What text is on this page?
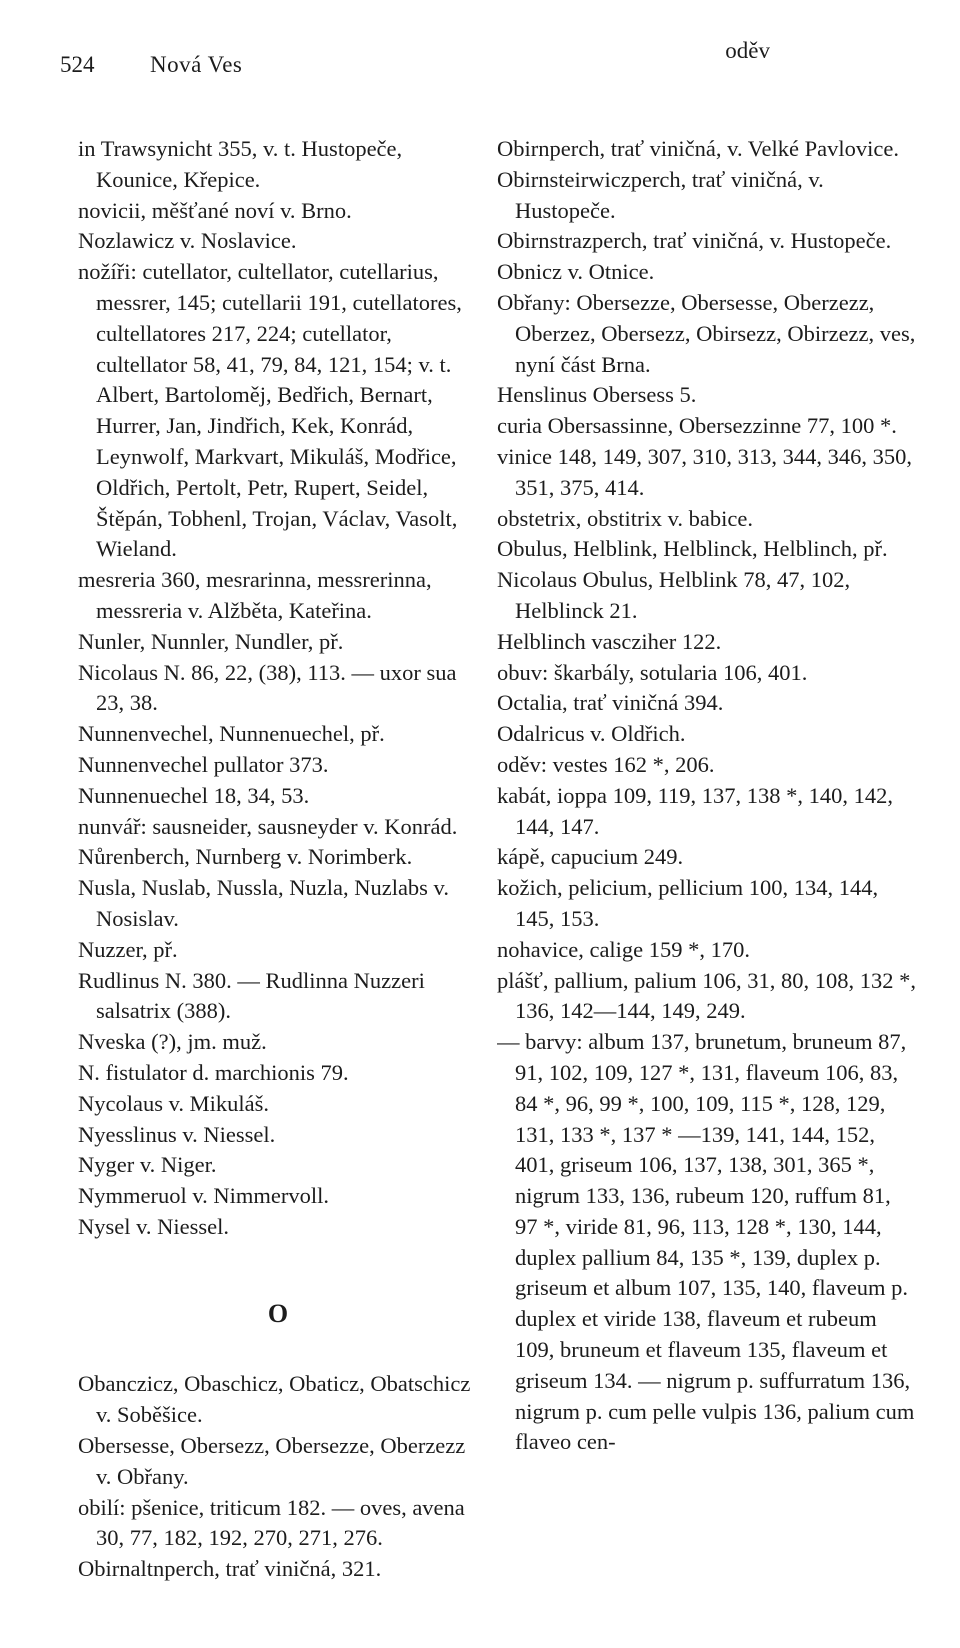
524 Nová Ves
oděv
in Trawsynicht 355, v. t. Hustopeče, Kounice, Křepice.
novicii, měšťané noví v. Brno.
Nozlawicz v. Noslavice.
nožíři: cutellator, cultellator, cutellarius, messrer, 145; cutellarii 191, cutellatores, cultellatores 217, 224; cutellator, cultellator 58, 41, 79, 84, 121, 154; v. t. Albert, Bartoloměj, Bedřich, Bernart, Hurrer, Jan, Jindřich, Kek, Konrád, Leynwolf, Markvart, Mikuláš, Modřice, Oldřich, Pertolt, Petr, Rupert, Seidel, Štěpán, Tobhenl, Trojan, Václav, Vasolt, Wieland.
mesreria 360, mesrarinna, messrerinna, messreria v. Alžběta, Kateřina.
Nunler, Nunnler, Nundler, př.
Nicolaus N. 86, 22, (38), 113. — uxor sua 23, 38.
Nunnenvechel, Nunnenuechel, př.
Nunnenvechel pullator 373.
Nunnenuechel 18, 34, 53.
nunvář: sausneider, sausneyder v. Konrád.
Nůrenberch, Nurnberg v. Norimberk.
Nusla, Nuslab, Nussla, Nuzla, Nuzlabs v. Nosislav.
Nuzzer, př.
Rudlinus N. 380. — Rudlinna Nuzzeri salsatrix (388).
Nveska (?), jm. muž.
N. fistulator d. marchionis 79.
Nycolaus v. Mikuláš.
Nyesslinus v. Niessel.
Nyger v. Niger.
Nymmeruol v. Nimmervoll.
Nysel v. Niessel.
O
Obanczicz, Obaschicz, Obaticz, Obatschicz v. Soběšice.
Obersesse, Obersezz, Obersezze, Oberzezz v. Obřany.
obilí: pšenice, triticum 182. — oves, avena 30, 77, 182, 192, 270, 271, 276.
Obirnaltnperch, trať viničná, 321.
Obirnperch, trať viničná, v. Velké Pavlovice.
Obirnsteirwiczperch, trať viničná, v. Hustopeče.
Obirnstrazperch, trať viničná, v. Hustopeče.
Obnicz v. Otnice.
Obřany: Obersezze, Obersesse, Oberzezz, Oberzez, Obersezz, Obirsezz, Obirzezz, ves, nyní část Brna.
Henslinus Obersess 5.
curia Obersassinne, Obersezzinne 77, 100 *.
vinice 148, 149, 307, 310, 313, 344, 346, 350, 351, 375, 414.
obstetrix, obstitrix v. babice.
Obulus, Helblink, Helblinck, Helblinch, př.
Nicolaus Obulus, Helblink 78, 47, 102, Helblinck 21.
Helblinch vascziher 122.
obuv: škarbály, sotularia 106, 401.
Octalia, trať viničná 394.
Odalricus v. Oldřich.
oděv: vestes 162 *, 206.
kabát, ioppa 109, 119, 137, 138 *, 140, 142, 144, 147.
kápě, capucium 249.
kožich, pelicium, pellicium 100, 134, 144, 145, 153.
nohavice, calige 159 *, 170.
plášť, pallium, palium 106, 31, 80, 108, 132 *, 136, 142—144, 149, 249.
— barvy: album 137, brunetum, bruneum 87, 91, 102, 109, 127 *, 131, flaveum 106, 83, 84 *, 96, 99 *, 100, 109, 115 *, 128, 129, 131, 133 *, 137 * —139, 141, 144, 152, 401, griseum 106, 137, 138, 301, 365 *, nigrum 133, 136, rubeum 120, ruffum 81, 97 *, viride 81, 96, 113, 128 *, 130, 144, duplex pallium 84, 135 *, 139, duplex p. griseum et album 107, 135, 140, flaveum p. duplex et viride 138, flaveum et rubeum 109, bruneum et flaveum 135, flaveum et griseum 134. — nigrum p. suffurratum 136, nigrum p. cum pelle vulpis 136, palium cum flaveo cen-
